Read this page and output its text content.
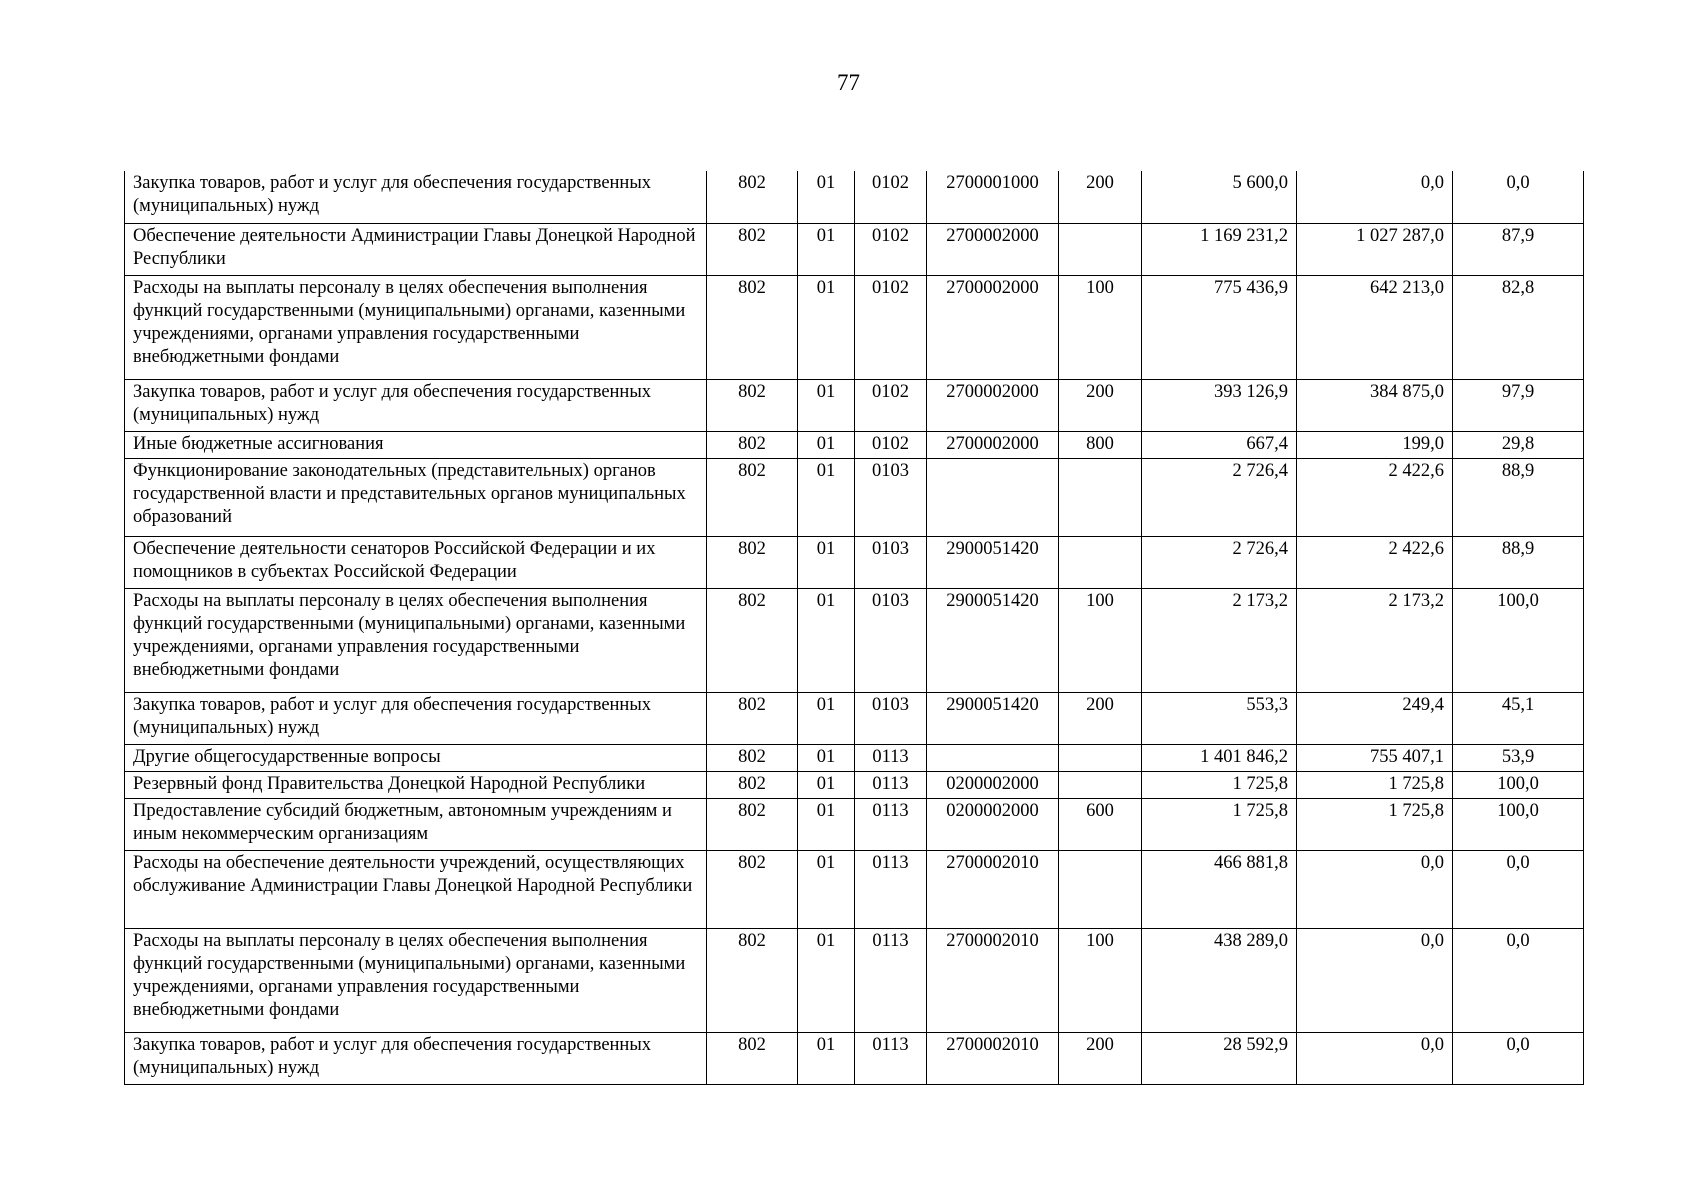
77
Закупка товаров, работ и услуг для обеспечения государственных (муниципальных) нужд	802	01	0102	2700001000	200	5 600,0	0,0	0,0
Обеспечение деятельности Администрации Главы Донецкой Народной Республики	802	01	0102	2700002000		1 169 231,2	1 027 287,0	87,9
Расходы на выплаты персоналу в целях обеспечения выполнения функций государственными (муниципальными) органами, казенными учреждениями, органами управления государственными внебюджетными фондами	802	01	0102	2700002000	100	775 436,9	642 213,0	82,8
Закупка товаров, работ и услуг для обеспечения государственных (муниципальных) нужд	802	01	0102	2700002000	200	393 126,9	384 875,0	97,9
Иные бюджетные ассигнования	802	01	0102	2700002000	800	667,4	199,0	29,8
Функционирование законодательных (представительных) органов государственной власти и представительных органов муниципальных образований	802	01	0103			2 726,4	2 422,6	88,9
Обеспечение деятельности сенаторов Российской Федерации и их помощников в субъектах Российской Федерации	802	01	0103	2900051420		2 726,4	2 422,6	88,9
Расходы на выплаты персоналу в целях обеспечения выполнения функций государственными (муниципальными) органами, казенными учреждениями, органами управления государственными внебюджетными фондами	802	01	0103	2900051420	100	2 173,2	2 173,2	100,0
Закупка товаров, работ и услуг для обеспечения государственных (муниципальных) нужд	802	01	0103	2900051420	200	553,3	249,4	45,1
Другие общегосударственные вопросы	802	01	0113			1 401 846,2	755 407,1	53,9
Резервный фонд Правительства Донецкой Народной Республики	802	01	0113	0200002000		1 725,8	1 725,8	100,0
Предоставление субсидий бюджетным, автономным учреждениям и иным некоммерческим организациям	802	01	0113	0200002000	600	1 725,8	1 725,8	100,0
Расходы на обеспечение деятельности учреждений, осуществляющих обслуживание Администрации Главы Донецкой Народной Республики	802	01	0113	2700002010		466 881,8	0,0	0,0
Расходы на выплаты персоналу в целях обеспечения выполнения функций государственными (муниципальными) органами, казенными учреждениями, органами управления государственными внебюджетными фондами	802	01	0113	2700002010	100	438 289,0	0,0	0,0
Закупка товаров, работ и услуг для обеспечения государственных (муниципальных) нужд	802	01	0113	2700002010	200	28 592,9	0,0	0,0
